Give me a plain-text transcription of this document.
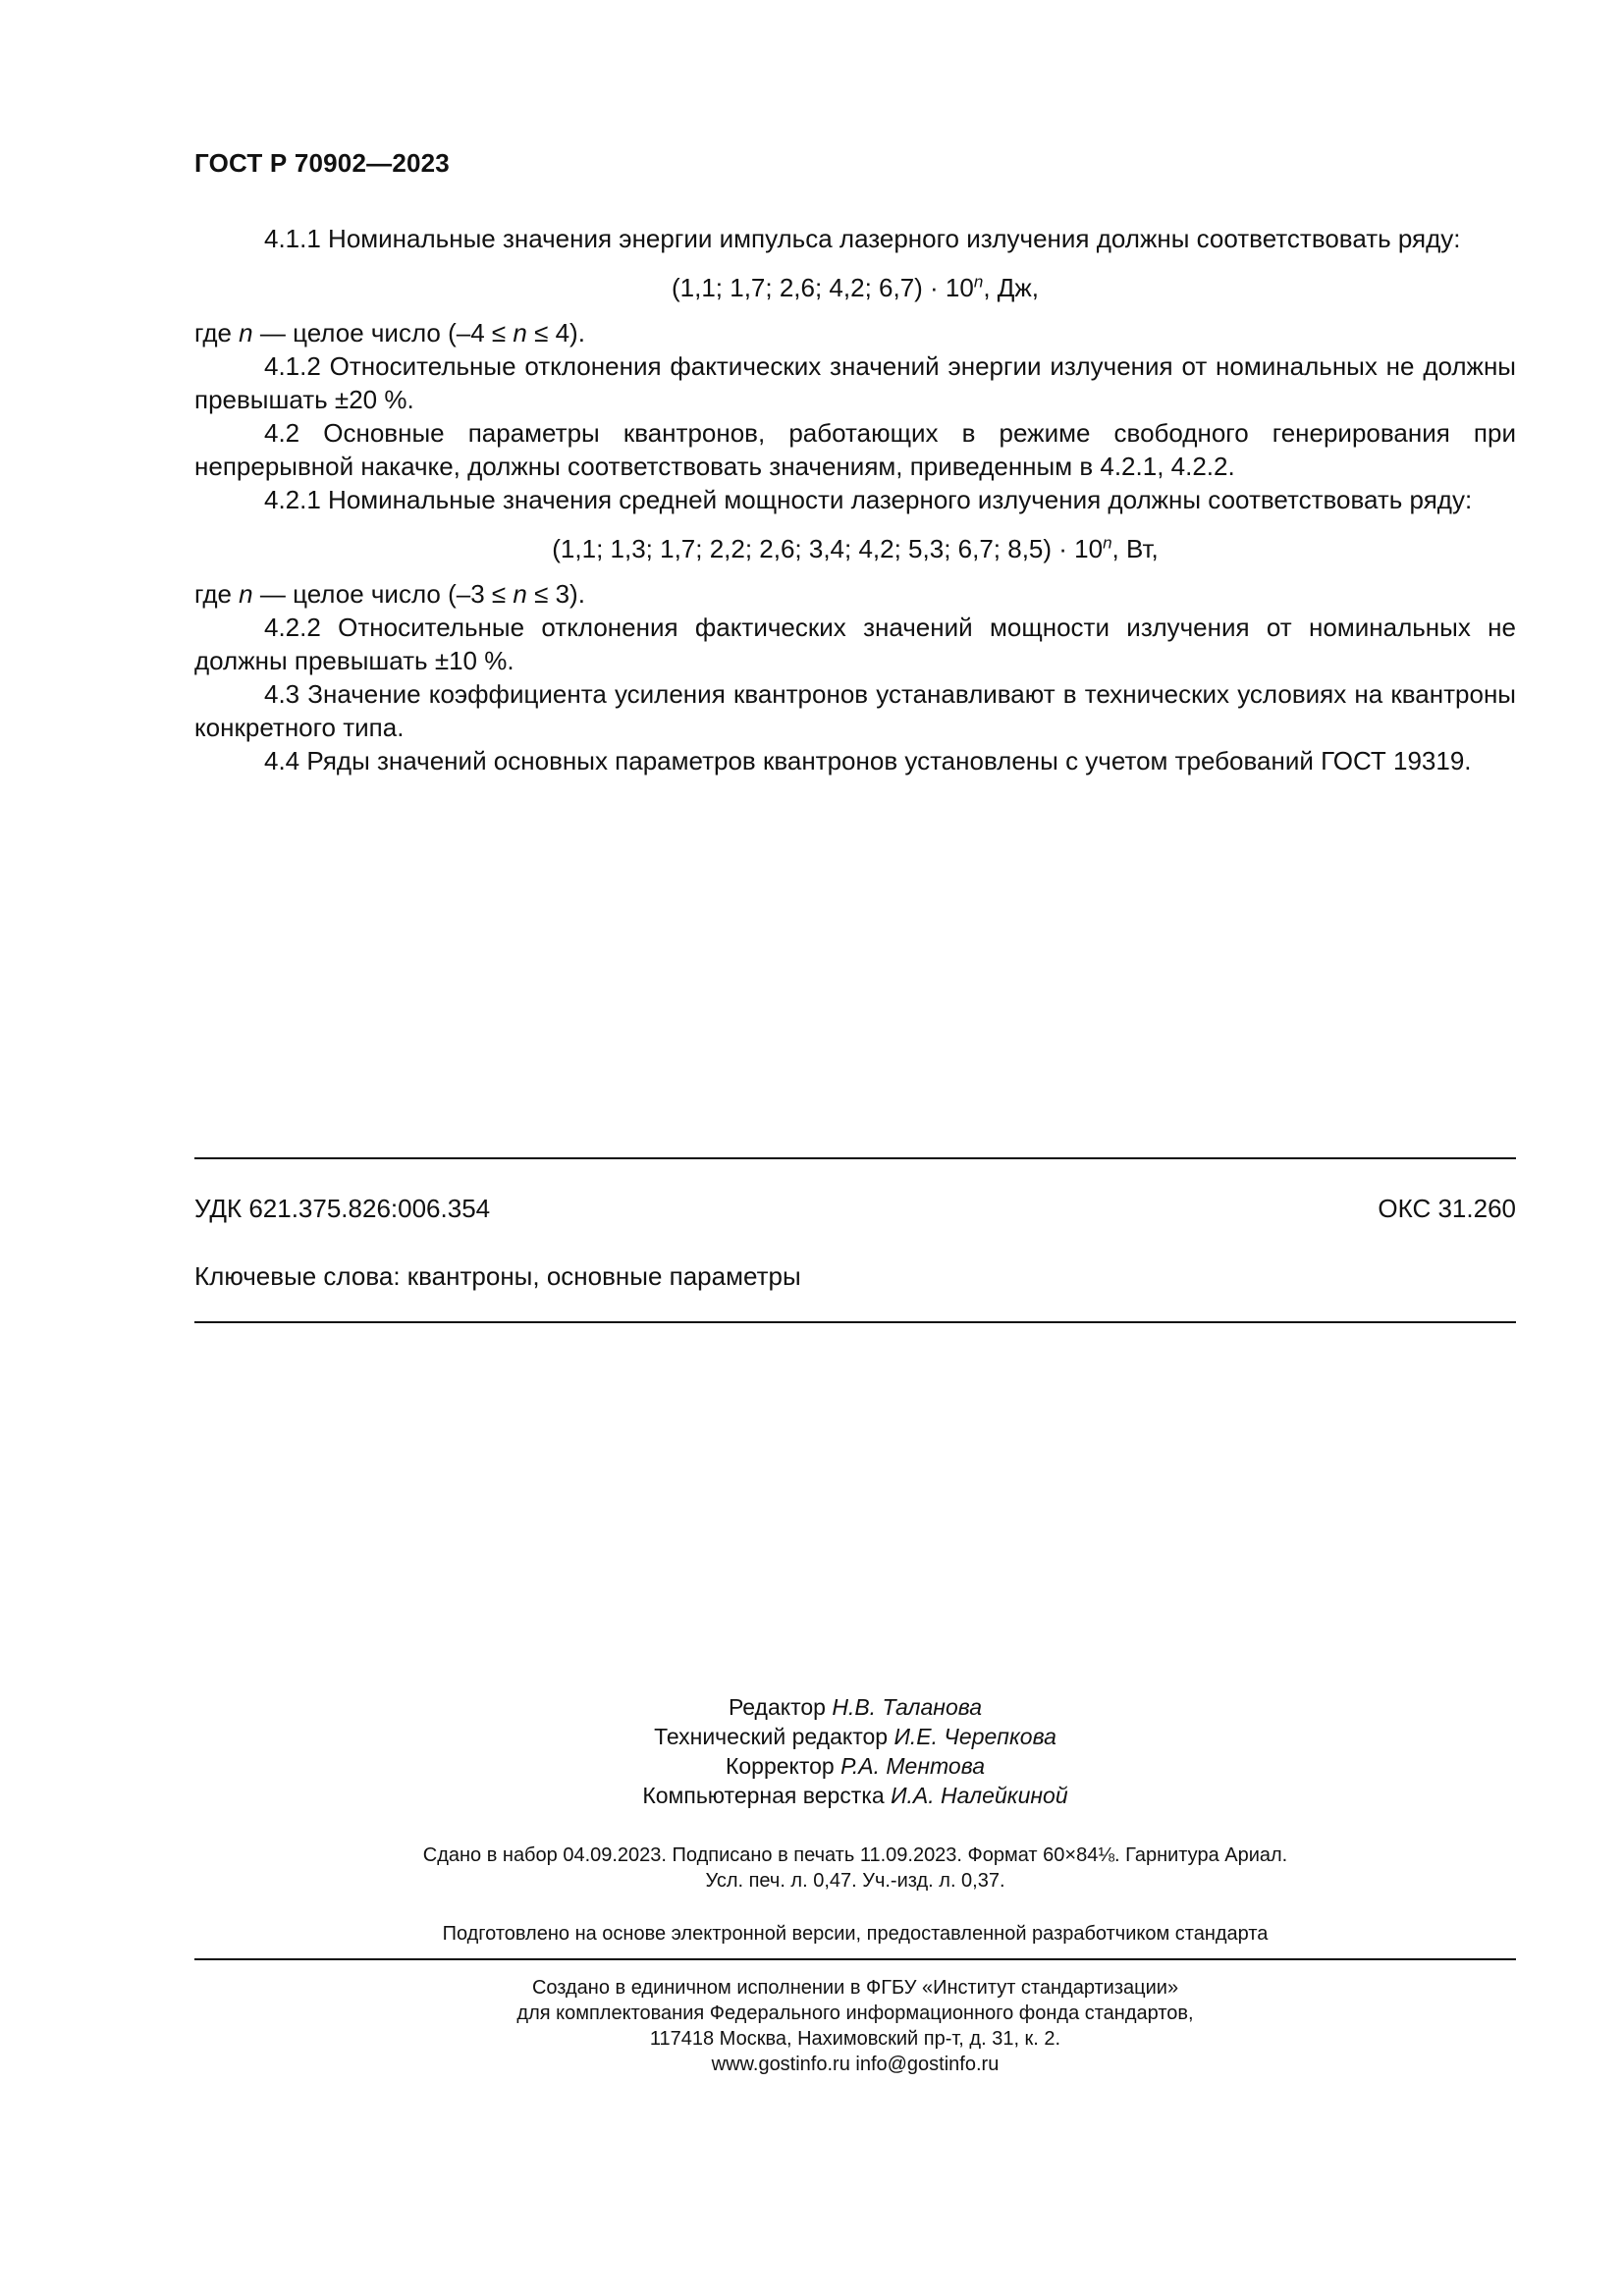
ГОСТ Р 70902—2023

4.1.1 Номинальные значения энергии импульса лазерного излучения должны соответствовать ряду:

(1,1; 1,7; 2,6; 4,2; $6,7) \cdot 10^n$, Дж,

где n — целое число (–4 ≤ n ≤ 4).

4.1.2 Относительные отклонения фактических значений энергии излучения от номинальных не должны превышать ±20 %.

4.2 Основные параметры квантронов, работающих в режиме свободного генерирования при непрерывной накачке, должны соответствовать значениям, приведенным в 4.2.1, 4.2.2.

4.2.1 Номинальные значения средней мощности лазерного излучения должны соответствовать ряду:

(1,1; 1,3; 1,7; 2,2; 2,6; 3,4; 4,2; 5,3; 6,7; $8,5) \cdot 10^n$, Вт,

где n — целое число (–3 ≤ n ≤ 3).

4.2.2 Относительные отклонения фактических значений мощности излучения от номинальных не должны превышать ±10 %.

4.3 Значение коэффициента усиления квантронов устанавливают в технических условиях на квантроны конкретного типа.

4.4 Ряды значений основных параметров квантронов установлены с учетом требований ГОСТ 19319.

УДК 621.375.826:006.354	ОКС 31.260
Ключевые слова: квантроны, основные параметры
Редактор Н.В. Таланова
Технический редактор И.Е. Черепкова
Корректор Р.А. Ментова
Компьютерная верстка И.А. Налейкиной
Сдано в набор 04.09.2023. Подписано в печать 11.09.2023. Формат 60×84⅛. Гарнитура Ариал.
Усл. печ. л. 0,47. Уч.-изд. л. 0,37.
Подготовлено на основе электронной версии, предоставленной разработчиком стандарта
Создано в единичном исполнении в ФГБУ «Институт стандартизации»
для комплектования Федерального информационного фонда стандартов,
117418 Москва, Нахимовский пр-т, д. 31, к. 2.
www.gostinfo.ru info@gostinfo.ru
